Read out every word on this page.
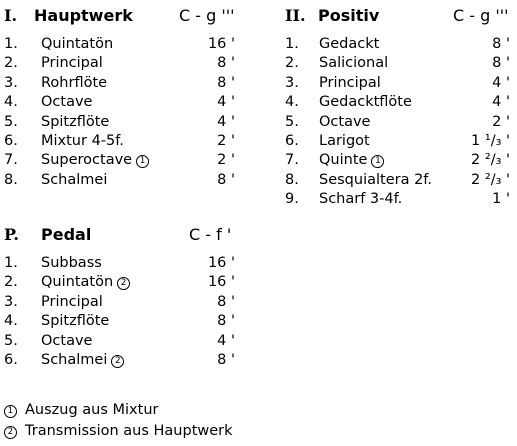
I. Hauptwerk	C - g '''
1. Quintatön	16 '
2. Principal	8 '
3. Rohrflöte	8 '
4. Octave	4 '
5. Spitzflöte	4 '
6. Mixtur 4-5f.	2 '
7. Superoctave 1	2 '
8. Schalmei	8 '
II. Positiv	C - g '''
1. Gedackt	8 '
2. Salicional	8 '
3. Principal	4 '
4. Gedacktflöte	4 '
5. Octave	2 '
6. Larigot	1 ¹/₃ '
7. Quinte 1	2 ²/₃ '
8. Sesquialtera 2f.	2 ²/₃ '
9. Scharf 3-4f.	1 '
P. Pedal	C - f '
1. Subbass	16 '
2. Quintatön 2	16 '
3. Principal	8 '
4. Spitzflöte	8 '
5. Octave	4 '
6. Schalmei 2	8 '
1 Auszug aus Mixtur
2 Transmission aus Hauptwerk
